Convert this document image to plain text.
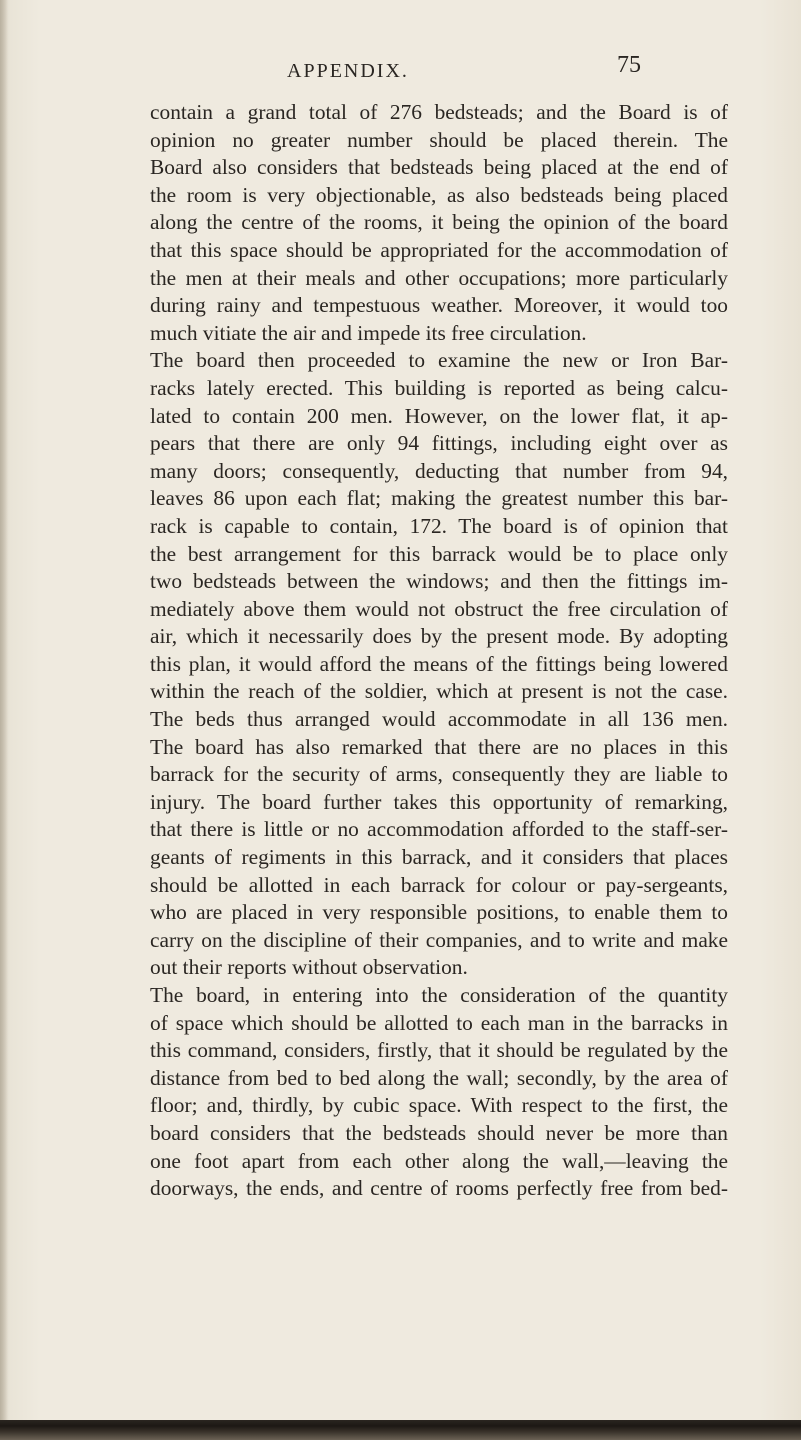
APPENDIX.	75
contain a grand total of 276 bedsteads; and the Board is of
opinion no greater number should be placed therein. The
Board also considers that bedsteads being placed at the end of
the room is very objectionable, as also bedsteads being placed
along the centre of the rooms, it being the opinion of the board
that this space should be appropriated for the accommodation of
the men at their meals and other occupations; more particularly
during rainy and tempestuous weather. Moreover, it would too
much vitiate the air and impede its free circulation.
The board then proceeded to examine the new or Iron Bar-
racks lately erected. This building is reported as being calcu-
lated to contain 200 men. However, on the lower flat, it ap-
pears that there are only 94 fittings, including eight over as
many doors; consequently, deducting that number from 94,
leaves 86 upon each flat; making the greatest number this bar-
rack is capable to contain, 172. The board is of opinion that
the best arrangement for this barrack would be to place only
two bedsteads between the windows; and then the fittings im-
mediately above them would not obstruct the free circulation of
air, which it necessarily does by the present mode. By adopting
this plan, it would afford the means of the fittings being lowered
within the reach of the soldier, which at present is not the case.
The beds thus arranged would accommodate in all 136 men.
The board has also remarked that there are no places in this
barrack for the security of arms, consequently they are liable to
injury. The board further takes this opportunity of remarking,
that there is little or no accommodation afforded to the staff-ser-
geants of regiments in this barrack, and it considers that places
should be allotted in each barrack for colour or pay-sergeants,
who are placed in very responsible positions, to enable them to
carry on the discipline of their companies, and to write and make
out their reports without observation.
The board, in entering into the consideration of the quantity
of space which should be allotted to each man in the barracks in
this command, considers, firstly, that it should be regulated by the
distance from bed to bed along the wall; secondly, by the area of
floor; and, thirdly, by cubic space. With respect to the first, the
board considers that the bedsteads should never be more than
one foot apart from each other along the wall,—leaving the
doorways, the ends, and centre of rooms perfectly free from bed-
